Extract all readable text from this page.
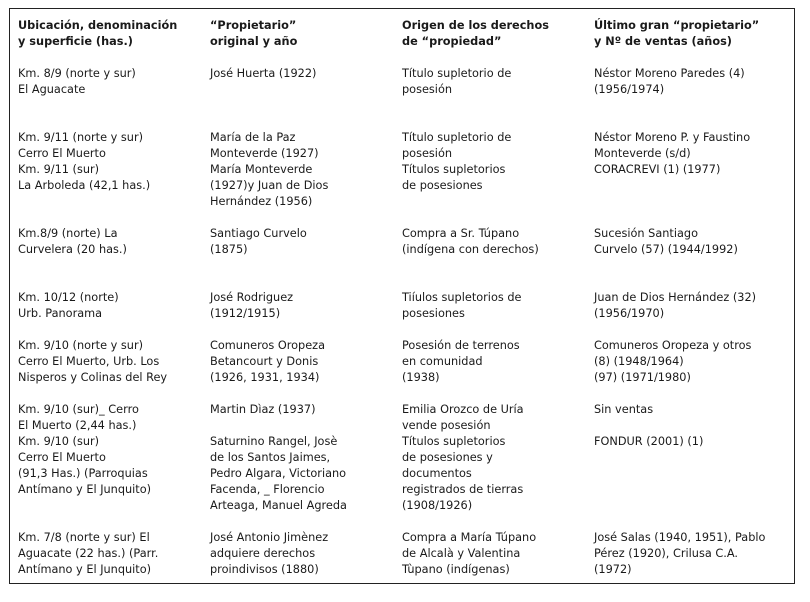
Ubicación, denominación
y superficie (has.)
“Propietario”
original y año
Origen de los derechos
de “propiedad”
Último gran “propietario”
y Nº de ventas (años)
Km. 8/9 (norte y sur)
El Aguacate
José Huerta (1922)	Título supletorio de
posesión
Néstor Moreno Paredes (4)
(1956/1974)
Km. 9/11 (norte y sur)
Cerro El Muerto
Km. 9/11 (sur)
La Arboleda (42,1 has.)
María de la Paz
Monteverde (1927)
María Monteverde
(1927)y Juan de Dios
Hernández (1956)
Título supletorio de
posesión
Títulos supletorios
de posesiones
Néstor Moreno P. y Faustino
Monteverde (s/d)
CORACREVI (1) (1977)
Km.8/9 (norte) La
Curvelera (20 has.)
Santiago Curvelo
(1875)
Compra a Sr. Túpano
(indígena con derechos)
Sucesión Santiago
Curvelo (57) (1944/1992)
Km. 10/12 (norte)
Urb. Panorama
José Rodriguez
(1912/1915)
Tiíulos supletorios de
posesiones
Juan de Dios Hernández (32)
(1956/1970)
Km. 9/10 (norte y sur)
Cerro El Muerto, Urb. Los
Nisperos y Colinas del Rey
Comuneros Oropeza
Betancourt y Donis
(1926, 1931, 1934)
Posesión de terrenos
en comunidad
(1938)
Comuneros Oropeza y otros
(8) (1948/1964)
(97) (1971/1980)
Km. 9/10 (sur)_ Cerro
El Muerto (2,44 has.)
Km. 9/10 (sur)
Cerro El Muerto
(91,3 Has.) (Parroquias
Antímano y El Junquito)
Martin Dìaz (1937)
Saturnino Rangel, Josè
de los Santos Jaimes,
Pedro Algara, Victoriano
Facenda, _ Florencio
Arteaga, Manuel Agreda
Emilia Orozco de Uría
vende posesión
Títulos supletorios
de posesiones y
documentos
registrados de tierras
(1908/1926)
Sin ventas
FONDUR (2001) (1)
Km. 7/8 (norte y sur) El
Aguacate (22 has.) (Parr.
Antímano y El Junquito)
José Antonio Jimènez
adquiere derechos
proindivisos (1880)
Compra a María Túpano
de Alcalà y Valentina
Tùpano (indígenas)
José Salas (1940, 1951), Pablo
Pérez (1920), Crilusa C.A.
(1972)
